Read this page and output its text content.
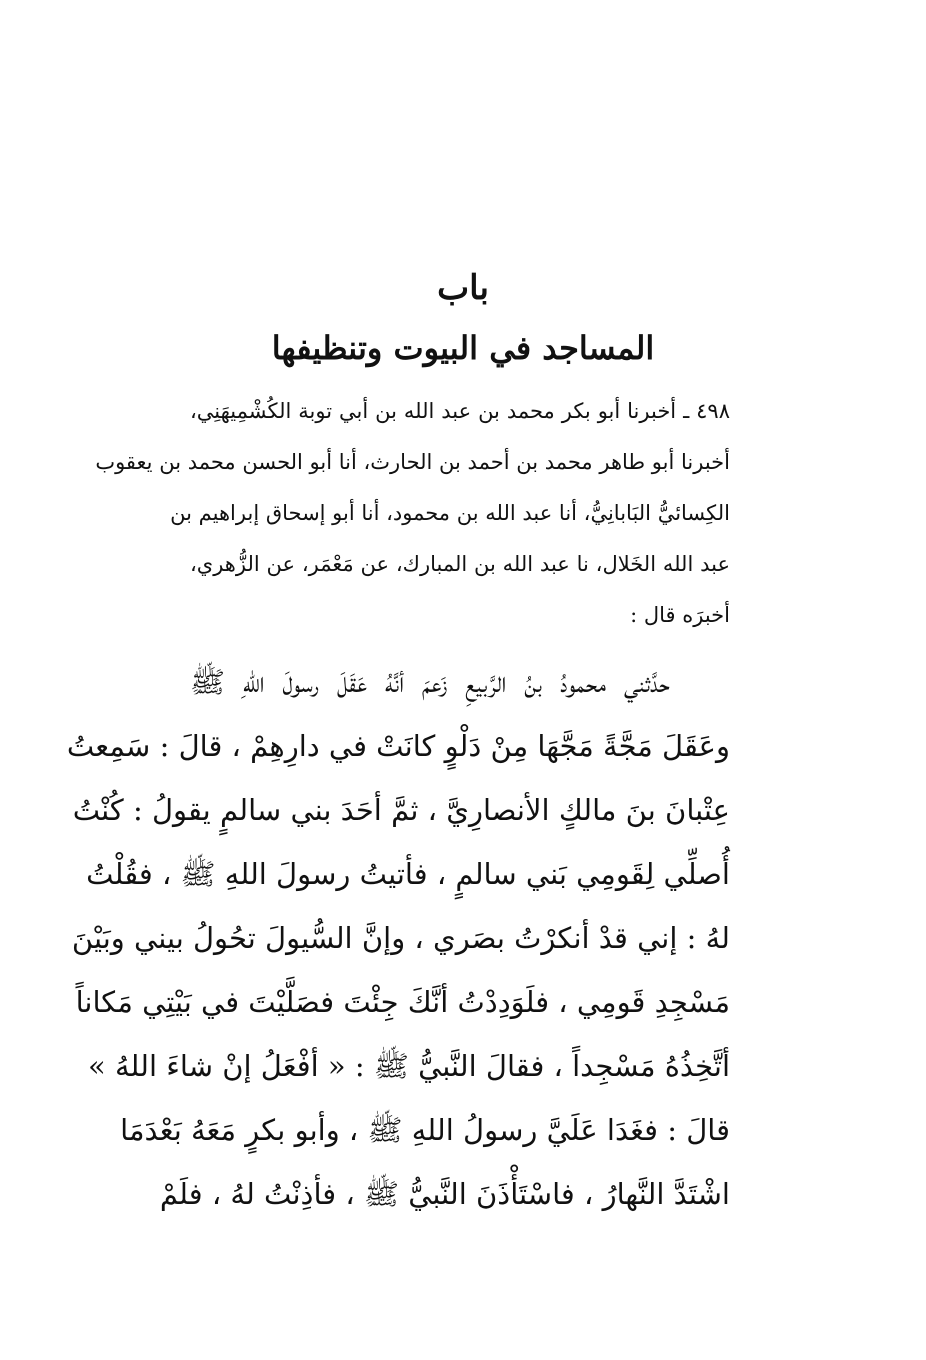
باب
المساجد في البيوت وتنظيفها

٤٩٨ ـ أخبرنا أبو بكر محمد بن عبد الله بن أبي توبة الكُشْمِيهَنِي،

أخبرنا أبو طاهر محمد بن أحمد بن الحارث، أنا أبو الحسن محمد بن يعقوب

الكِسائيُّ البَابانِيُّ، أنا عبد الله بن محمود، أنا أبو إسحاق إبراهيم بن

عبد الله الخَلال، نا عبد الله بن المبارك، عن مَعْمَر، عن الزُّهري،

أخبرَه قال :

حدَّثني محمودُ بنُ الرَّبيعِ زَعمَ أنَّهُ عَقَلَ رسولَ اللهِ ﷺ

وعَقَلَ مَجَّةً مَجَّهَا مِنْ دَلْوٍ كانَتْ في دارِهِمْ ، قالَ : سَمِعتُ

عِتْبانَ بنَ مالكٍ الأنصارِيَّ ، ثمَّ أحَدَ بني سالمٍ يقولُ : كُنْتُ

أُصلِّي لِقَومِي بَني سالمٍ ، فأتيتُ رسولَ اللهِ ﷺ ، فقُلْتُ

لهُ : إني قدْ أنكرْتُ بصَري ، وإنَّ السُّيولَ تحُولُ بيني وبَيْنَ

مَسْجِدِ قَومِي ، فلَوَدِدْتُ أنَّكَ جِئْتَ فصَلَّيْتَ في بَيْتِي مَكاناً

أتَّخِذُهُ مَسْجِداً ، فقالَ النَّبيُّ ﷺ : « أفْعَلُ إنْ شاءَ اللهُ »

قالَ : فغَدَا عَلَيَّ رسولُ اللهِ ﷺ ، وأبو بكرٍ مَعَهُ بَعْدَمَا

اشْتَدَّ النَّهارُ ، فاسْتَأْذَنَ النَّبيُّ ﷺ ، فأذِنْتُ لهُ ، فلَمْ
